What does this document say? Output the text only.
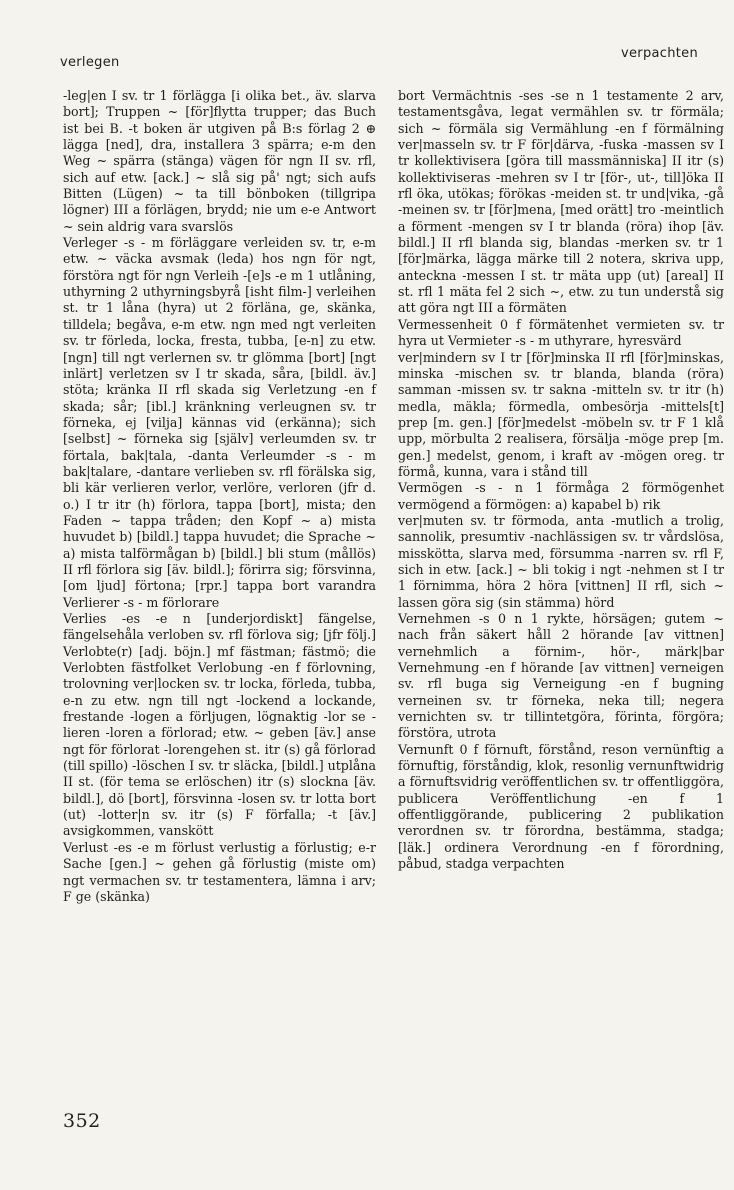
verlegen
verpachten

-leg|en I sv. tr 1 förlägga [i olika bet., äv. slarva bort]; Truppen ~ [för]flytta trupper; das Buch ist bei B. -t boken är utgiven på B:s förlag 2 ⊕ lägga [ned], dra, installera 3 spärra; e-m den Weg ~ spärra (stänga) vägen för ngn II sv. rfl, sich auf etw. [ack.] ~ slå sig på' ngt; sich aufs Bitten (Lügen) ~ ta till bönboken (tillgripa lögner) III a förlägen, brydd; nie um e-e Antwort ~ sein aldrig vara svarslös

Verleger -s - m förläggare verleiden sv. tr, e-m etw. ~ väcka avsmak (leda) hos ngn för ngt, förstöra ngt för ngn Verleih -[e]s -e m 1 utlåning, uthyrning 2 uthyrningsbyrå [isht film-] verleihen st. tr 1 låna (hyra) ut 2 förläna, ge, skänka, tilldela; begåva, e-m etw. ngn med ngt verleiten sv. tr förleda, locka, fresta, tubba, [e-n] zu etw. [ngn] till ngt verlernen sv. tr glömma [bort] [ngt inlärt] verletzen sv I tr skada, såra, [bildl. äv.] stöta; kränka II rfl skada sig Verletzung -en f skada; sår; [ibl.] kränkning verleugnen sv. tr förneka, ej [vilja] kännas vid (erkänna); sich [selbst] ~ förneka sig [själv] verleumden sv. tr förtala, bak|tala, -danta Verleumder -s - m bak|talare, -dantare verlieben sv. rfl förälska sig, bli kär verlieren verlor, verlöre, verloren (jfr d. o.) I tr itr (h) förlora, tappa [bort], mista; den Faden ~ tappa tråden; den Kopf ~ a) mista huvudet b) [bildl.] tappa huvudet; die Sprache ~ a) mista talförmågan b) [bildl.] bli stum (mållös) II rfl förlora sig [äv. bildl.]; förirra sig; försvinna, [om ljud] förtona; [rpr.] tappa bort varandra Verlierer -s - m förlorare

Verlies -es -e n [underjordiskt] fängelse, fängelsehåla verloben sv. rfl förlova sig; [jfr följ.] Verlobte(r) [adj. böjn.] mf fästman; fästmö; die Verlobten fästfolket Verlobung -en f förlovning, trolovning ver|locken sv. tr locka, förleda, tubba, e-n zu etw. ngn till ngt -lockend a lockande, frestande -logen a förljugen, lögnaktig -lor se -lieren -loren a förlorad; etw. ~ geben [äv.] anse ngt för förlorat -lorengehen st. itr (s) gå förlorad (till spillo) -löschen I sv. tr släcka, [bildl.] utplåna II st. (för tema se erlöschen) itr (s) slockna [äv. bildl.], dö [bort], försvinna -losen sv. tr lotta bort (ut) -lotter|n sv. itr (s) F förfalla; -t [äv.] avsigkommen, vanskött

Verlust -es -e m förlust verlustig a förlustig; e-r Sache [gen.] ~ gehen gå förlustig (miste om) ngt vermachen sv. tr testamentera, lämna i arv; F ge (skänka)

bort Vermächtnis -ses -se n 1 testamente 2 arv, testamentsgåva, legat vermählen sv. tr förmäla; sich ~ förmäla sig Vermählung -en f förmälning ver|masseln sv. tr F för|därva, -fuska -massen sv I tr kollektivisera [göra till massmänniska] II itr (s) kollektiviseras -mehren sv I tr [för-, ut-, till]öka II rfl öka, utökas; förökas -meiden st. tr und|vika, -gå -meinen sv. tr [för]mena, [med orätt] tro -meintlich a förment -mengen sv I tr blanda (röra) ihop [äv. bildl.] II rfl blanda sig, blandas -merken sv. tr 1 [för]märka, lägga märke till 2 notera, skriva upp, anteckna -messen I st. tr mäta upp (ut) [areal] II st. rfl 1 mäta fel 2 sich ~, etw. zu tun understå sig att göra ngt III a förmäten

Vermessenheit 0 f förmätenhet vermieten sv. tr hyra ut Vermieter -s - m uthyrare, hyresvärd

ver|mindern sv I tr [för]minska II rfl [för]minskas, minska -mischen sv. tr blanda, blanda (röra) samman -missen sv. tr sakna -mitteln sv. tr itr (h) medla, mäkla; förmedla, ombesörja -mittels[t] prep [m. gen.] [för]medelst -möbeln sv. tr F 1 klå upp, mörbulta 2 realisera, försälja -möge prep [m. gen.] medelst, genom, i kraft av -mögen oreg. tr förmå, kunna, vara i stånd till

Vermögen -s - n 1 förmåga 2 förmögenhet vermögend a förmögen: a) kapabel b) rik

ver|muten sv. tr förmoda, anta -mutlich a trolig, sannolik, presumtiv -nachlässigen sv. tr vårdslösa, misskötta, slarva med, försumma -narren sv. rfl F, sich in etw. [ack.] ~ bli tokig i ngt -nehmen st I tr 1 förnimma, höra 2 höra [vittnen] II rfl, sich ~ lassen göra sig (sin stämma) hörd

Vernehmen -s 0 n 1 rykte, hörsägen; gutem ~ nach från säkert håll 2 hörande [av vittnen] vernehmlich a förnim-, hör-, märk|bar Vernehmung -en f hörande [av vittnen] verneigen sv. rfl buga sig Verneigung -en f bugning verneinen sv. tr förneka, neka till; negera vernichten sv. tr tillintetgöra, förinta, förgöra; förstöra, utrota

Vernunft 0 f förnuft, förstånd, reson vernünftig a förnuftig, förståndig, klok, resonlig vernunftwidrig a förnuftsvidrig veröffentlichen sv. tr offentliggöra, publicera Veröffentlichung -en f 1 offentliggörande, publicering 2 publikation verordnen sv. tr förordna, bestämma, stadga; [läk.] ordinera Verordnung -en f förordning, påbud, stadga verpachten

352
